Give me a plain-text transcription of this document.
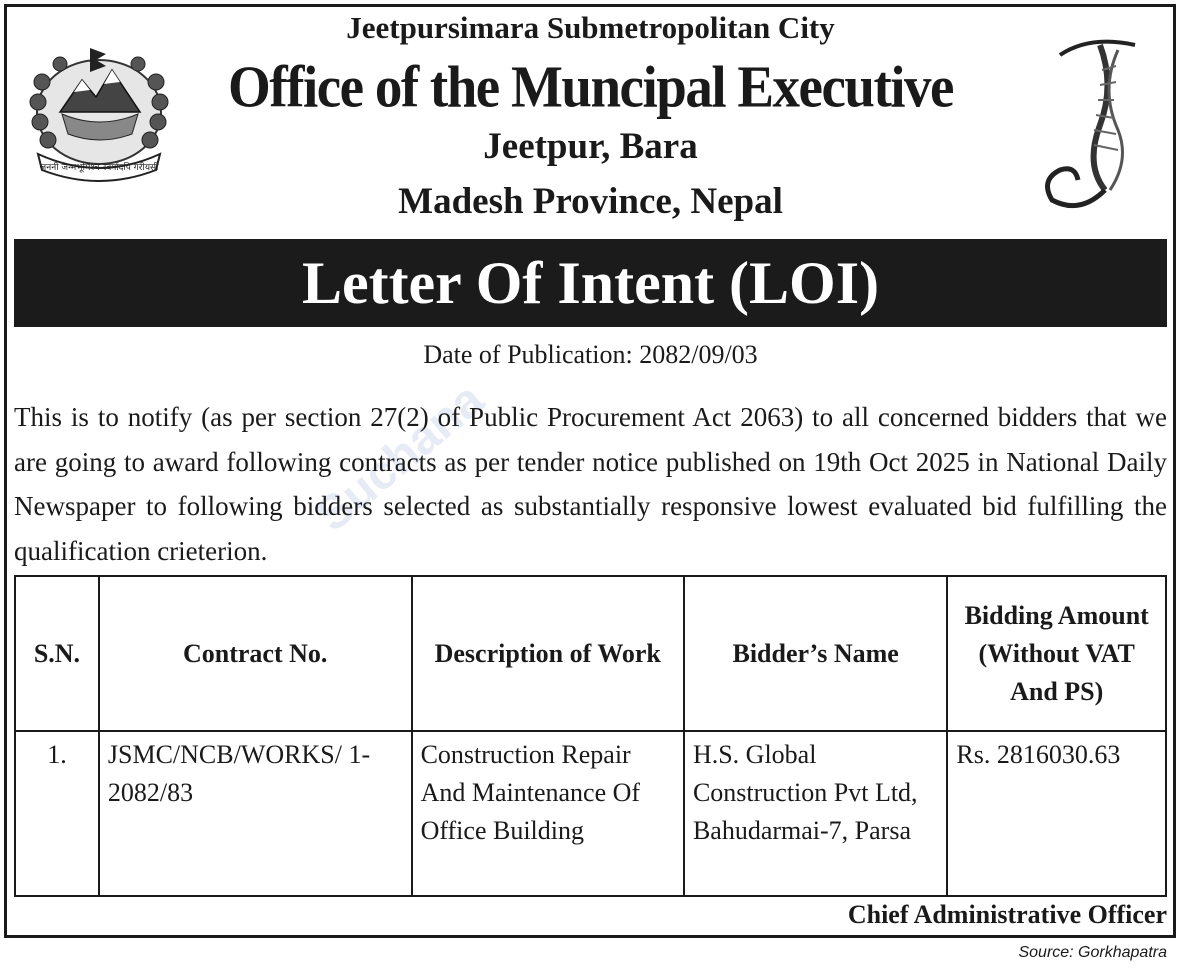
Suchana
जननी जन्मभूमिश्च स्वर्गादपि गरीयसी
Jeetpursimara Submetropolitan City
Office of the Muncipal Executive
Jeetpur, Bara
Madesh Province, Nepal
Letter Of Intent (LOI)
Date of Publication: 2082/09/03
This is to notify (as per section 27(2) of Public Procurement Act 2063) to all concerned bidders that we are going to award following contracts as per tender notice published on 19th Oct 2025 in National Daily Newspaper to following bidders selected as substantially responsive lowest evaluated bid fulfilling the qualification crieterion.
S.N.	Contract No.	Description of Work	Bidder’s Name	Bidding Amount (Without VAT And PS)
1.	JSMC/NCB/WORKS/ 1-2082/83	Construction Repair And Maintenance Of Office Building	H.S. Global Construction Pvt Ltd, Bahudarmai-7, Parsa	Rs. 2816030.63
Chief Administrative Officer
Source: Gorkhapatra
